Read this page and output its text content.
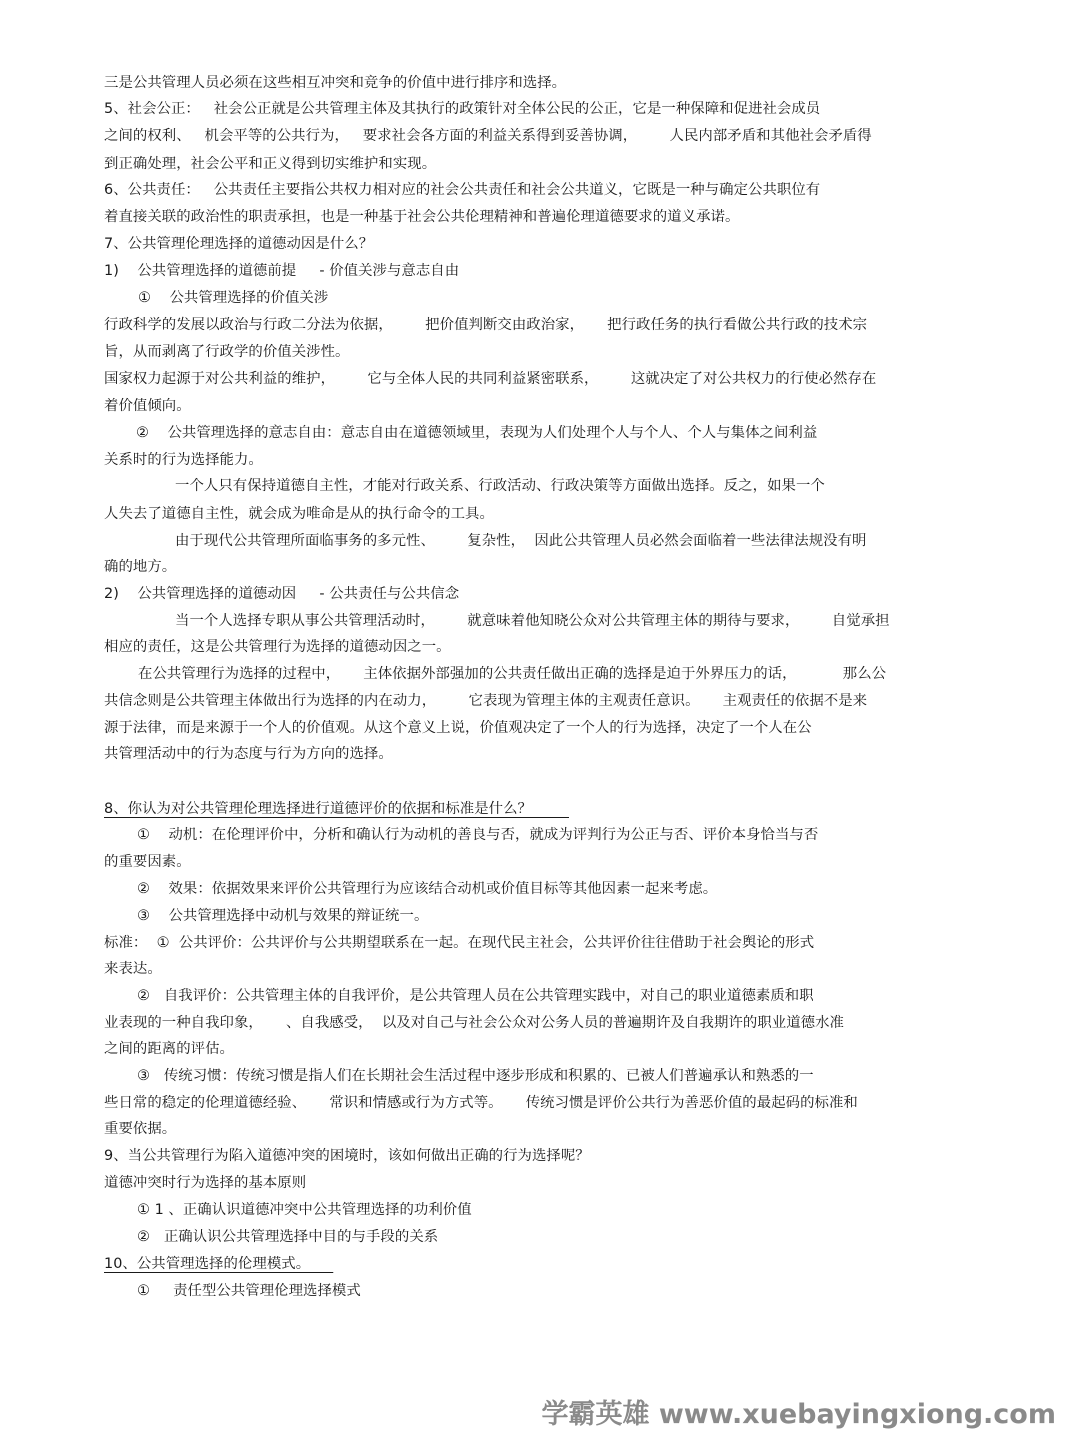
三是公共管理人员必须在这些相互冲突和竞争的价值中进行排序和选择。
5、社会公正：   社会公正就是公共管理主体及其执行的政策针对全体公民的公正，它是一种保障和促进社会成员
之间的权利、   机会平等的公共行为，   要求社会各方面的利益关系得到妥善协调，       人民内部矛盾和其他社会矛盾得
到正确处理，社会公平和正义得到切实维护和实现。
6、公共责任：   公共责任主要指公共权力相对应的社会公共责任和社会公共道义，它既是一种与确定公共职位有
着直接关联的政治性的职责承担，也是一种基于社会公共伦理精神和普遍伦理道德要求的道义承诺。
7、公共管理伦理选择的道德动因是什么？
1)    公共管理选择的道德前提     - 价值关涉与意志自由
①    公共管理选择的价值关涉
行政科学的发展以政治与行政二分法为依据，       把价值判断交由政治家，     把行政任务的执行看做公共行政的技术宗
旨，从而剥离了行政学的价值关涉性。
国家权力起源于对公共利益的维护，       它与全体人民的共同利益紧密联系，       这就决定了对公共权力的行使必然存在
着价值倾向。
②    公共管理选择的意志自由：意志自由在道德领域里，表现为人们处理个人与个人、个人与集体之间利益
关系时的行为选择能力。
一个人只有保持道德自主性，才能对行政关系、行政活动、行政决策等方面做出选择。反之，如果一个
人失去了道德自主性，就会成为唯命是从的执行命令的工具。
由于现代公共管理所面临事务的多元性、       复杂性，  因此公共管理人员必然会面临着一些法律法规没有明
确的地方。
2)    公共管理选择的道德动因     - 公共责任与公共信念
当一个人选择专职从事公共管理活动时，       就意味着他知晓公众对公共管理主体的期待与要求，       自觉承担
相应的责任，这是公共管理行为选择的道德动因之一。
在公共管理行为选择的过程中，     主体依据外部强加的公共责任做出正确的选择是迫于外界压力的话，          那么公
共信念则是公共管理主体做出行为选择的内在动力，       它表现为管理主体的主观责任意识。     主观责任的依据不是来
源于法律，而是来源于一个人的价值观。从这个意义上说，价值观决定了一个人的行为选择，决定了一个人在公
共管理活动中的行为态度与行为方向的选择。
8、你认为对公共管理伦理选择进行道德评价的依据和标准是什么？
①    动机：在伦理评价中，分析和确认行为动机的善良与否，就成为评判行为公正与否、评价本身恰当与否
的重要因素。
②    效果：依据效果来评价公共管理行为应该结合动机或价值目标等其他因素一起来考虑。
③    公共管理选择中动机与效果的辩证统一。
标准：  ①  公共评价：公共评价与公共期望联系在一起。在现代民主社会，公共评价往往借助于社会舆论的形式
来表达。
②   自我评价：公共管理主体的自我评价，是公共管理人员在公共管理实践中，对自己的职业道德素质和职
业表现的一种自我印象，     、自我感受，  以及对自己与社会公众对公务人员的普遍期许及自我期许的职业道德水准
之间的距离的评估。
③   传统习惯：传统习惯是指人们在长期社会生活过程中逐步形成和积累的、已被人们普遍承认和熟悉的一
些日常的稳定的伦理道德经验、     常识和情感或行为方式等。     传统习惯是评价公共行为善恶价值的最起码的标准和
重要依据。
9、当公共管理行为陷入道德冲突的困境时，该如何做出正确的行为选择呢？
道德冲突时行为选择的基本原则
① 1 、正确认识道德冲突中公共管理选择的功利价值
②   正确认识公共管理选择中目的与手段的关系
10、公共管理选择的伦理模式。
①     责任型公共管理伦理选择模式
学霸英雄 www.xuebayingxiong.com
